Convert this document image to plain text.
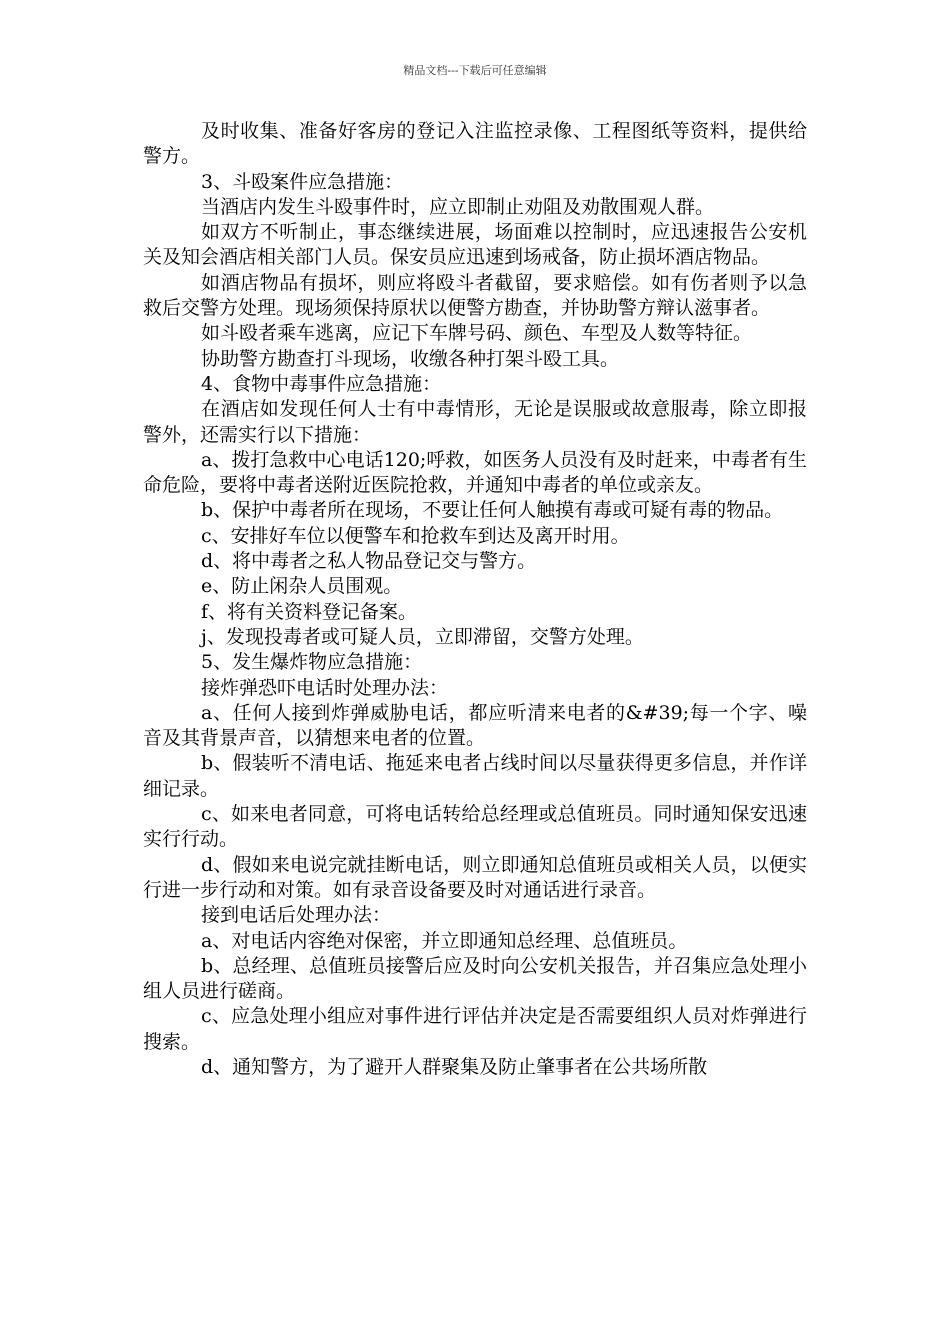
精品文档---下载后可任意编辑

及时收集、准备好客房的登记入注监控录像、工程图纸等资料，提供给警方。

3、斗殴案件应急措施：

当酒店内发生斗殴事件时，应立即制止劝阻及劝散围观人群。

如双方不听制止，事态继续进展，场面难以控制时，应迅速报告公安机关及知会酒店相关部门人员。保安员应迅速到场戒备，防止损坏酒店物品。

如酒店物品有损坏，则应将殴斗者截留，要求赔偿。如有伤者则予以急救后交警方处理。现场须保持原状以便警方勘查，并协助警方辩认滋事者。

如斗殴者乘车逃离，应记下车牌号码、颜色、车型及人数等特征。

协助警方勘查打斗现场，收缴各种打架斗殴工具。

4、食物中毒事件应急措施：

在酒店如发现任何人士有中毒情形，无论是误服或故意服毒，除立即报警外，还需实行以下措施：

a、拨打急救中心电话120;呼救，如医务人员没有及时赶来，中毒者有生命危险，要将中毒者送附近医院抢救，并通知中毒者的单位或亲友。

b、保护中毒者所在现场，不要让任何人触摸有毒或可疑有毒的物品。

c、安排好车位以便警车和抢救车到达及离开时用。

d、将中毒者之私人物品登记交与警方。

e、防止闲杂人员围观。

f、将有关资料登记备案。

j、发现投毒者或可疑人员，立即滞留，交警方处理。

5、发生爆炸物应急措施：

接炸弹恐吓电话时处理办法：

a、任何人接到炸弹威胁电话，都应听清来电者的&#39;每一个字、噪音及其背景声音，以猜想来电者的位置。

b、假装听不清电话、拖延来电者占线时间以尽量获得更多信息，并作详细记录。

c、如来电者同意，可将电话转给总经理或总值班员。同时通知保安迅速实行行动。

d、假如来电说完就挂断电话，则立即通知总值班员或相关人员，以便实行进一步行动和对策。如有录音设备要及时对通话进行录音。

接到电话后处理办法：

a、对电话内容绝对保密，并立即通知总经理、总值班员。

b、总经理、总值班员接警后应及时向公安机关报告，并召集应急处理小组人员进行磋商。

c、应急处理小组应对事件进行评估并决定是否需要组织人员对炸弹进行搜索。

d、通知警方，为了避开人群聚集及防止肇事者在公共场所散
